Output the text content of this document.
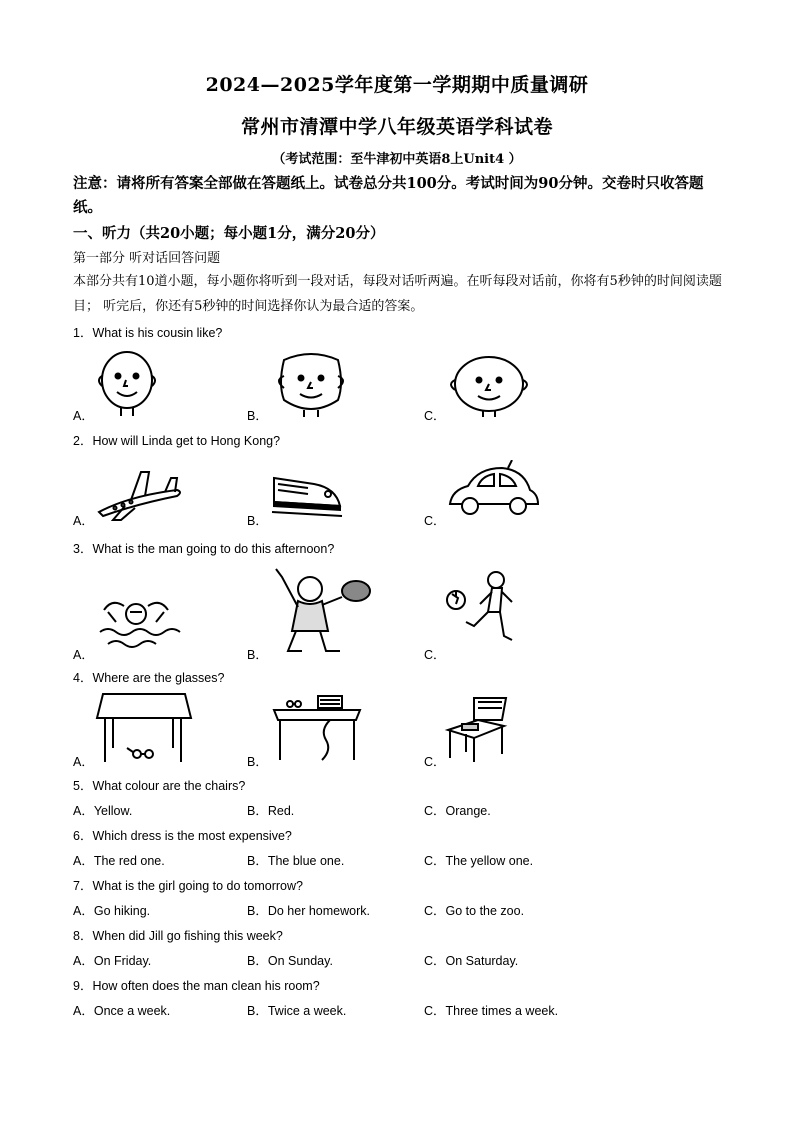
2024—2025学年度第一学期期中质量调研
常州市清潭中学八年级英语学科试卷
（考试范围：至牛津初中英语8上Unit4 ）
注意：请将所有答案全部做在答题纸上。试卷总分共100分。考试时间为90分钟。交卷时只收答题纸。
一、听力（共20小题；每小题1分，满分20分）
第一部分 听对话回答问题
本部分共有10道小题，每小题你将听到一段对话，每段对话听两遍。在听每段对话前，你将有5秒钟的时间阅读题目； 听完后，你还有5秒钟的时间选择你认为最合适的答案。
1．What is his cousin like?
A．	B．	C．
2．How will Linda get to Hong Kong?
A．	B．	C．
3．What is the man going to do this afternoon?
A．	B．	C．
4．Where are the glasses?
A．	B．	C．
5．What colour are the chairs?
A．Yellow.	B．Red.	C．Orange.
6．Which dress is the most expensive?
A．The red one.	B．The blue one.	C．The yellow one.
7．What is the girl going to do tomorrow?
A．Go hiking.	B．Do her homework.	C．Go to the zoo.
8．When did Jill go fishing this week?
A．On Friday.	B．On Sunday.	C．On Saturday.
9．How often does the man clean his room?
A．Once a week.	B．Twice a week.	C．Three times a week.
